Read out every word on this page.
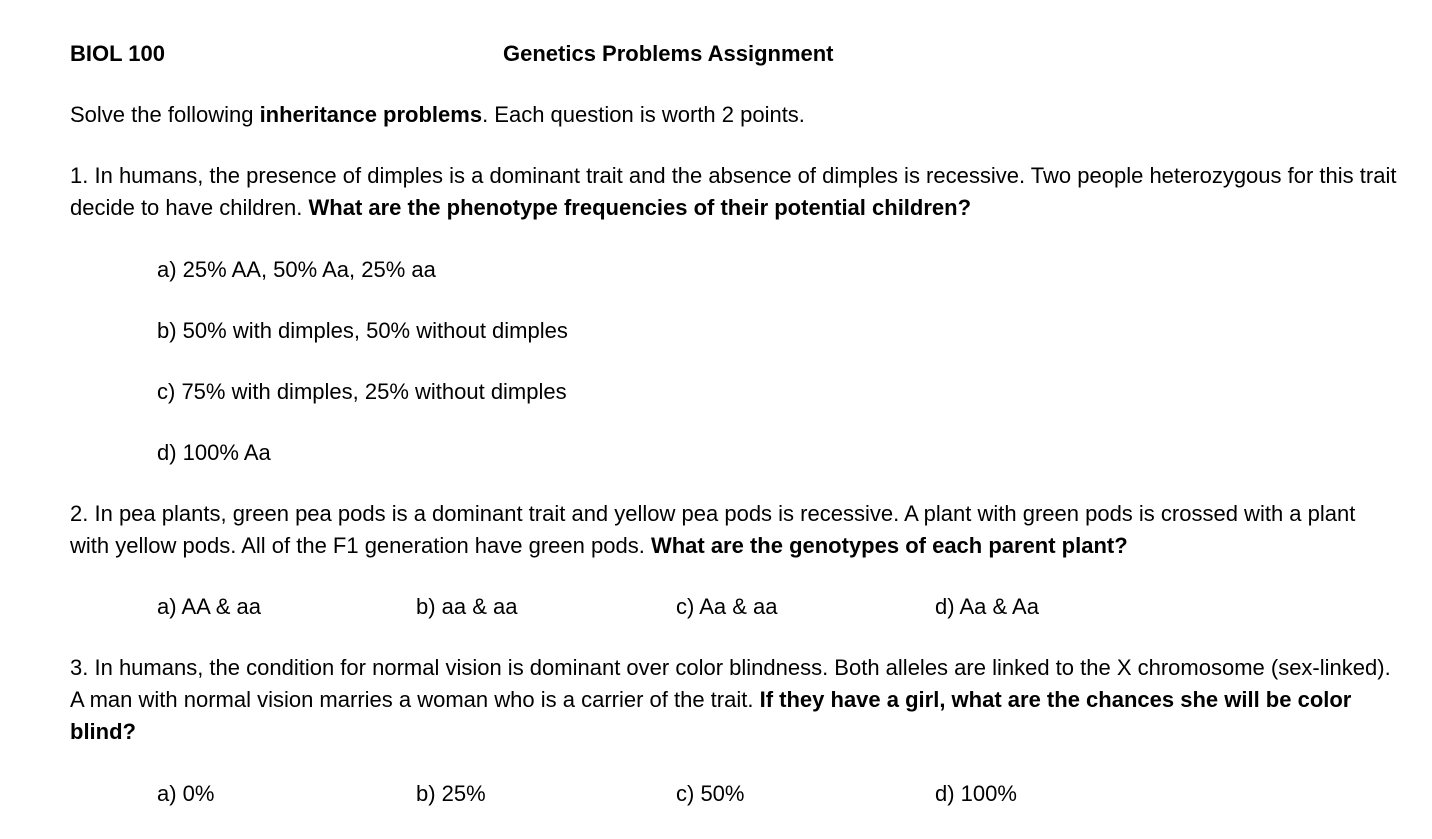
BIOL 100	Genetics Problems Assignment
Solve the following inheritance problems. Each question is worth 2 points.
1. In humans, the presence of dimples is a dominant trait and the absence of dimples is recessive. Two people heterozygous for this trait decide to have children. What are the phenotype frequencies of their potential children?
a) 25% AA, 50% Aa, 25% aa
b) 50% with dimples, 50% without dimples
c) 75% with dimples, 25% without dimples
d) 100% Aa
2. In pea plants, green pea pods is a dominant trait and yellow pea pods is recessive. A plant with green pods is crossed with a plant with yellow pods. All of the F1 generation have green pods. What are the genotypes of each parent plant?
a) AA & aa	b) aa & aa	c) Aa & aa	d) Aa & Aa
3. In humans, the condition for normal vision is dominant over color blindness. Both alleles are linked to the X chromosome (sex-linked). A man with normal vision marries a woman who is a carrier of the trait. If they have a girl, what are the chances she will be color blind?
a) 0%	b) 25%	c) 50%	d) 100%
